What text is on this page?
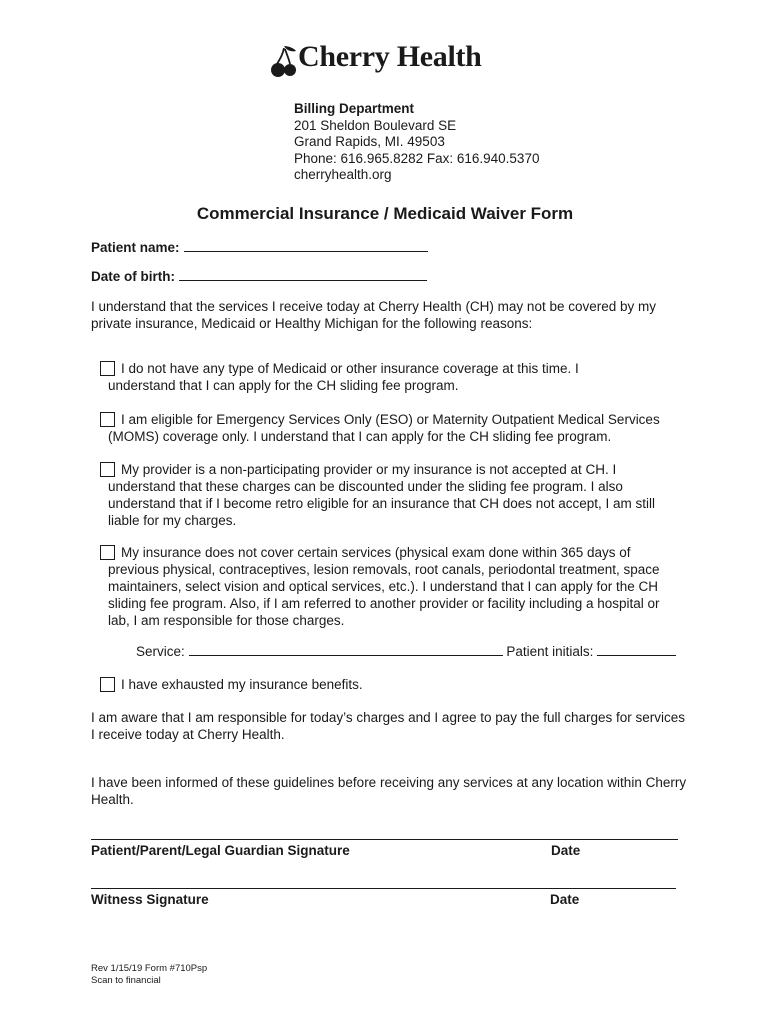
Cherry Health
Billing Department
201 Sheldon Boulevard SE
Grand Rapids, MI. 49503
Phone: 616.965.8282 Fax: 616.940.5370
cherryhealth.org
Commercial Insurance / Medicaid Waiver Form
Patient name:
Date of birth:
I understand that the services I receive today at Cherry Health (CH) may not be covered by my private insurance, Medicaid or Healthy Michigan for the following reasons:
I do not have any type of Medicaid or other insurance coverage at this time. I
understand that I can apply for the CH sliding fee program.
I am eligible for Emergency Services Only (ESO) or Maternity Outpatient Medical Services
(MOMS) coverage only. I understand that I can apply for the CH sliding fee program.
My provider is a non-participating provider or my insurance is not accepted at CH. I
understand that these charges can be discounted under the sliding fee program. I also understand that if I become retro eligible for an insurance that CH does not accept, I am still liable for my charges.
My insurance does not cover certain services (physical exam done within 365 days of
previous physical, contraceptives, lesion removals, root canals, periodontal treatment, space maintainers, select vision and optical services, etc.). I understand that I can apply for the CH sliding fee program. Also, if I am referred to another provider or facility including a hospital or lab, I am responsible for those charges.
Service:	Patient initials:
I have exhausted my insurance benefits.
I am aware that I am responsible for today’s charges and I agree to pay the full charges for services I receive today at Cherry Health.
I have been informed of these guidelines before receiving any services at any location within Cherry Health.
Patient/Parent/Legal Guardian Signature	Date
Witness Signature	Date
Rev 1/15/19 Form #710Psp
Scan to financial
